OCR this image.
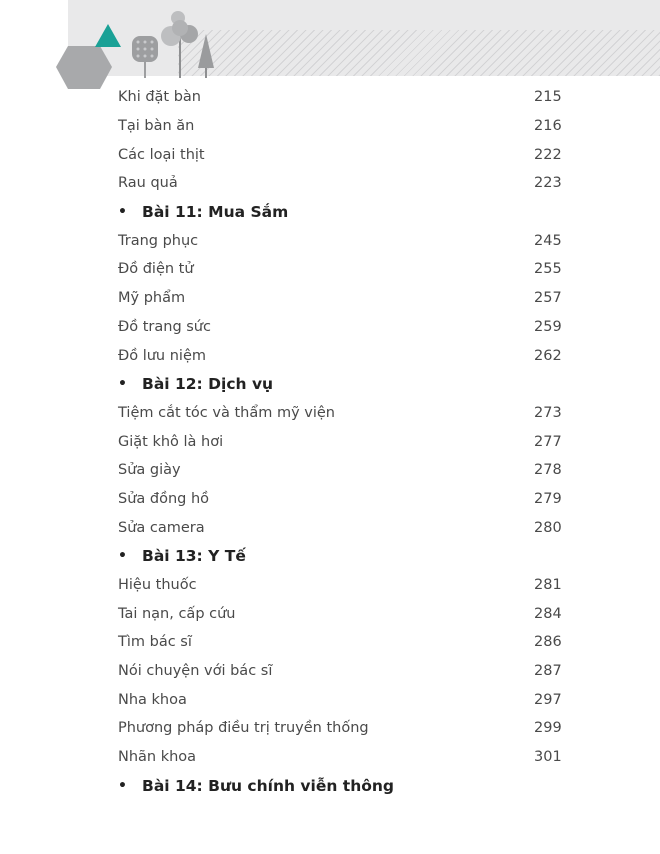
Khi đặt bàn	215
Tại bàn ăn	216
Các loại thịt	222
Rau quả	223
• Bài 11: Mua Sắm
Trang phục	245
Đồ điện tử	255
Mỹ phẩm	257
Đồ trang sức	259
Đồ lưu niệm	262
• Bài 12: Dịch vụ
Tiệm cắt tóc và thẩm mỹ viện	273
Giặt khô là hơi	277
Sửa giày	278
Sửa đồng hồ	279
Sửa camera	280
• Bài 13: Y Tế
Hiệu thuốc	281
Tai nạn, cấp cứu	284
Tìm bác sĩ	286
Nói chuyện với bác sĩ	287
Nha khoa	297
Phương pháp điều trị truyền thống	299
Nhãn khoa	301
• Bài 14: Bưu chính viễn thông
